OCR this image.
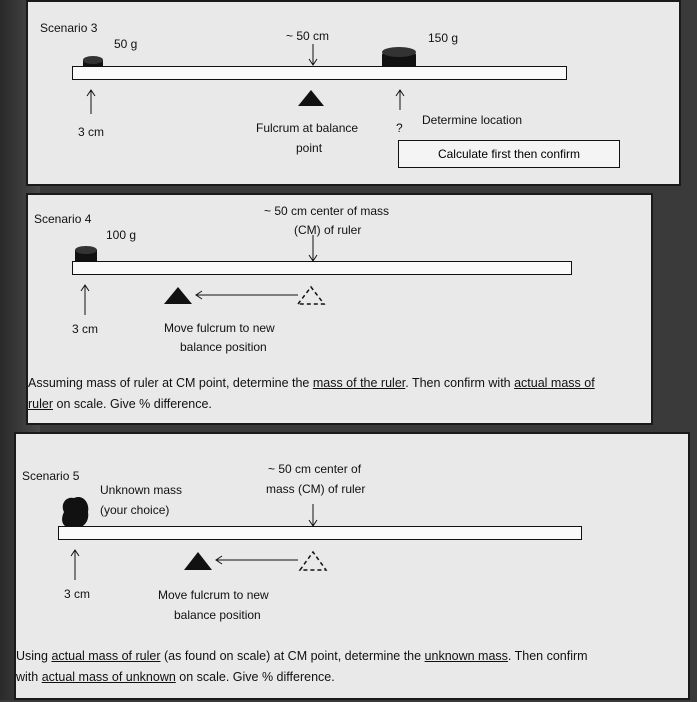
Scenario 3
50 g
~ 50 cm	150 g
3 cm	Fulcrum at balance
point
?
Determine location
Calculate first then confirm
Scenario 4
100 g
~ 50 cm center of mass
(CM) of ruler
3 cm	Move fulcrum to new
balance position
Assuming mass of ruler at CM point, determine the mass of the ruler. Then confirm with actual mass of
ruler on scale. Give % difference.
Scenario 5
Unknown mass
(your choice)
~ 50 cm center of
mass (CM) of ruler
3 cm	Move fulcrum to new
balance position
Using actual mass of ruler (as found on scale) at CM point, determine the unknown mass. Then confirm
with actual mass of unknown on scale. Give % difference.
